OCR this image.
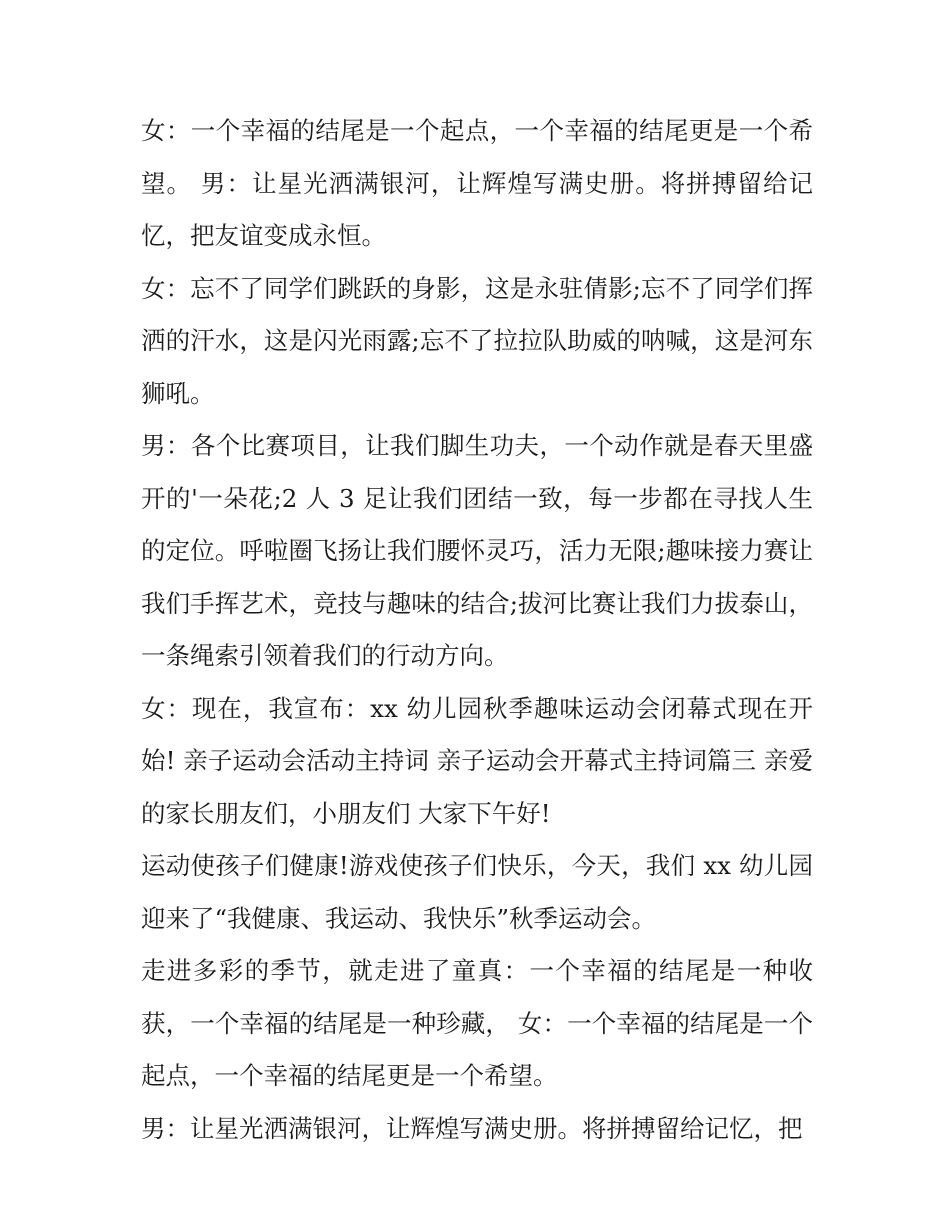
女：一个幸福的结尾是一个起点，一个幸福的结尾更是一个希望。 男：让星光洒满银河，让辉煌写满史册。将拼搏留给记忆，把友谊变成永恒。

女：忘不了同学们跳跃的身影，这是永驻倩影;忘不了同学们挥洒的汗水，这是闪光雨露;忘不了拉拉队助威的呐喊，这是河东狮吼。

男：各个比赛项目，让我们脚生功夫，一个动作就是春天里盛开的'一朵花;2 人 3 足让我们团结一致，每一步都在寻找人生的定位。呼啦圈飞扬让我们腰怀灵巧，活力无限;趣味接力赛让我们手挥艺术，竞技与趣味的结合;拔河比赛让我们力拔泰山，一条绳索引领着我们的行动方向。

女：现在，我宣布：xx 幼儿园秋季趣味运动会闭幕式现在开始! 亲子运动会活动主持词 亲子运动会开幕式主持词篇三 亲爱的家长朋友们，小朋友们 大家下午好!

运动使孩子们健康!游戏使孩子们快乐，今天，我们 xx 幼儿园迎来了“我健康、我运动、我快乐”秋季运动会。

走进多彩的季节，就走进了童真：一个幸福的结尾是一种收获，一个幸福的结尾是一种珍藏， 女：一个幸福的结尾是一个起点，一个幸福的结尾更是一个希望。

男：让星光洒满银河，让辉煌写满史册。将拼搏留给记忆，把
